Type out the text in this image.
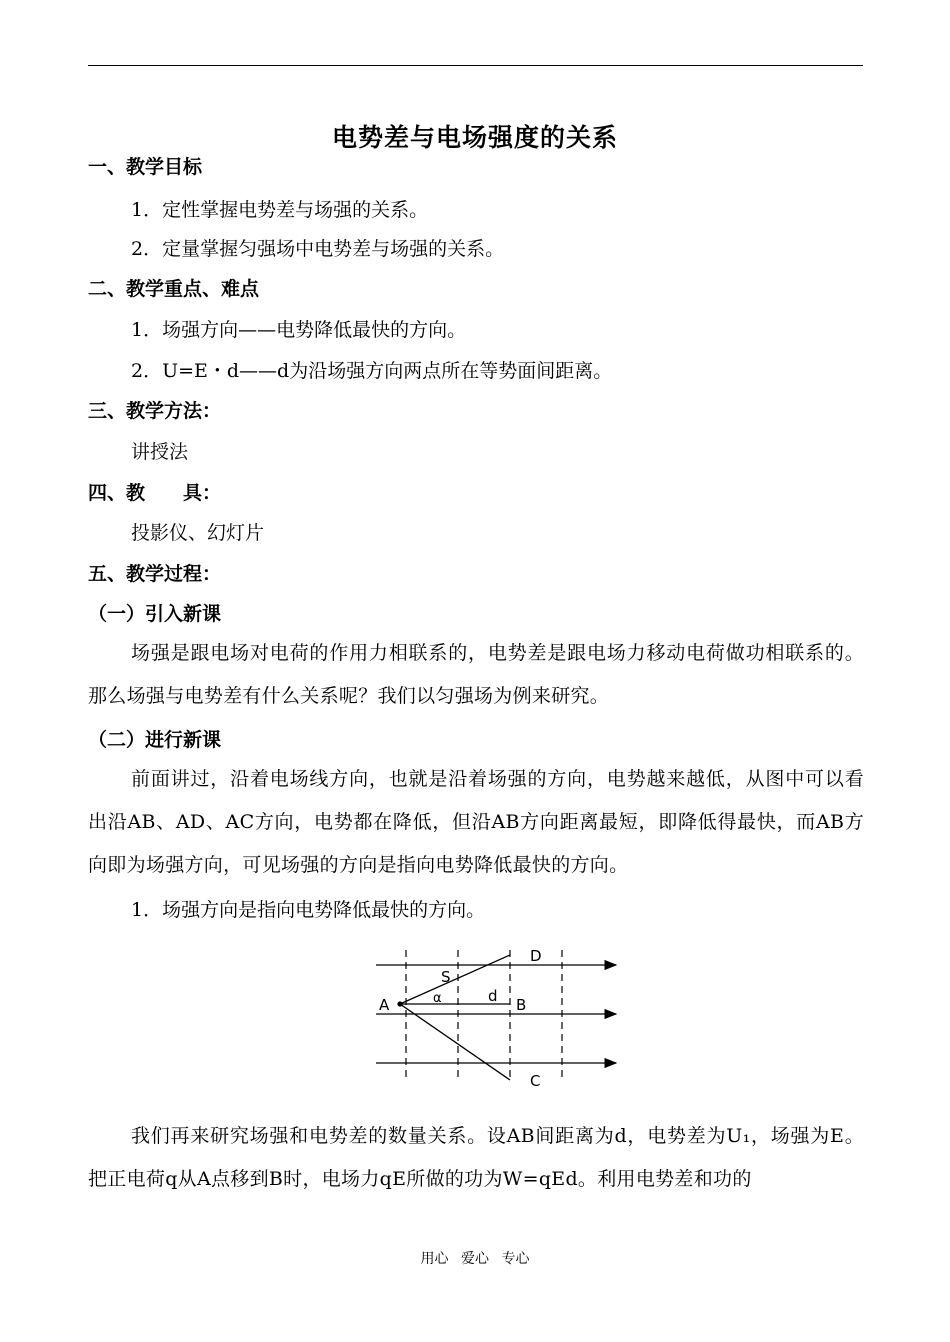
电势差与电场强度的关系
一、教学目标
1．定性掌握电势差与场强的关系。
2．定量掌握匀强场中电势差与场强的关系。
二、教学重点、难点
1．场强方向——电势降低最快的方向。
2．U=E・d——d为沿场强方向两点所在等势面间距离。
三、教学方法：
讲授法
四、教　　具：
投影仪、幻灯片
五、教学过程：
（一）引入新课
场强是跟电场对电荷的作用力相联系的，电势差是跟电场力移动电荷做功相联系的。那么场强与电势差有什么关系呢？我们以匀强场为例来研究。
（二）进行新课
前面讲过，沿着电场线方向，也就是沿着场强的方向，电势越来越低，从图中可以看出沿AB、AD、AC方向，电势都在降低，但沿AB方向距离最短，即降低得最快，而AB方向即为场强方向，可见场强的方向是指向电势降低最快的方向。
1．场强方向是指向电势降低最快的方向。
A	B
C
D
S
α	d
我们再来研究场强和电势差的数量关系。设AB间距离为d，电势差为U₁，场强为E。把正电荷q从A点移到B时，电场力qE所做的功为W=qEd。利用电势差和功的
用心 爱心 专心
